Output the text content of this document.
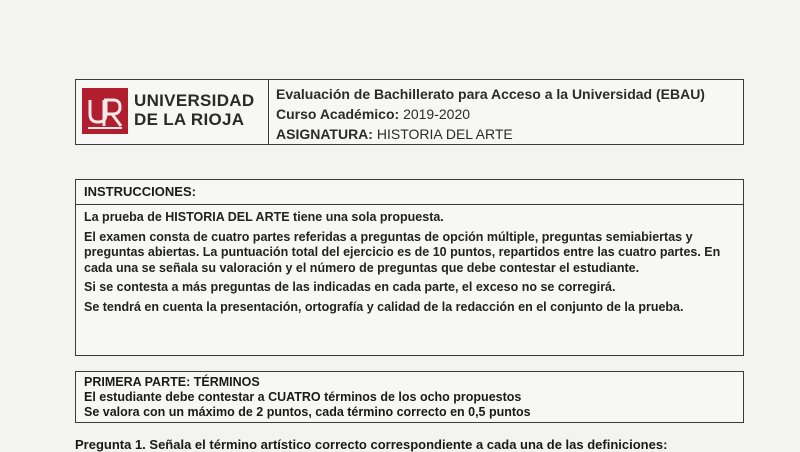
UNIVERSIDAD
DE LA RIOJA
Evaluación de Bachillerato para Acceso a la Universidad (EBAU)
Curso Académico: 2019-2020
ASIGNATURA: HISTORIA DEL ARTE
INSTRUCCIONES:

La prueba de HISTORIA DEL ARTE tiene una sola propuesta.

El examen consta de cuatro partes referidas a preguntas de opción múltiple, preguntas semiabiertas y preguntas abiertas. La puntuación total del ejercicio es de 10 puntos, repartidos entre las cuatro partes. En cada una se señala su valoración y el número de preguntas que debe contestar el estudiante.

Si se contesta a más preguntas de las indicadas en cada parte, el exceso no se corregirá.

Se tendrá en cuenta la presentación, ortografía y calidad de la redacción en el conjunto de la prueba.

PRIMERA PARTE: TÉRMINOS
El estudiante debe contestar a CUATRO términos de los ocho propuestos
Se valora con un máximo de 2 puntos, cada término correcto en 0,5 puntos
Pregunta 1. Señala el término artístico correcto correspondiente a cada una de las definiciones:
